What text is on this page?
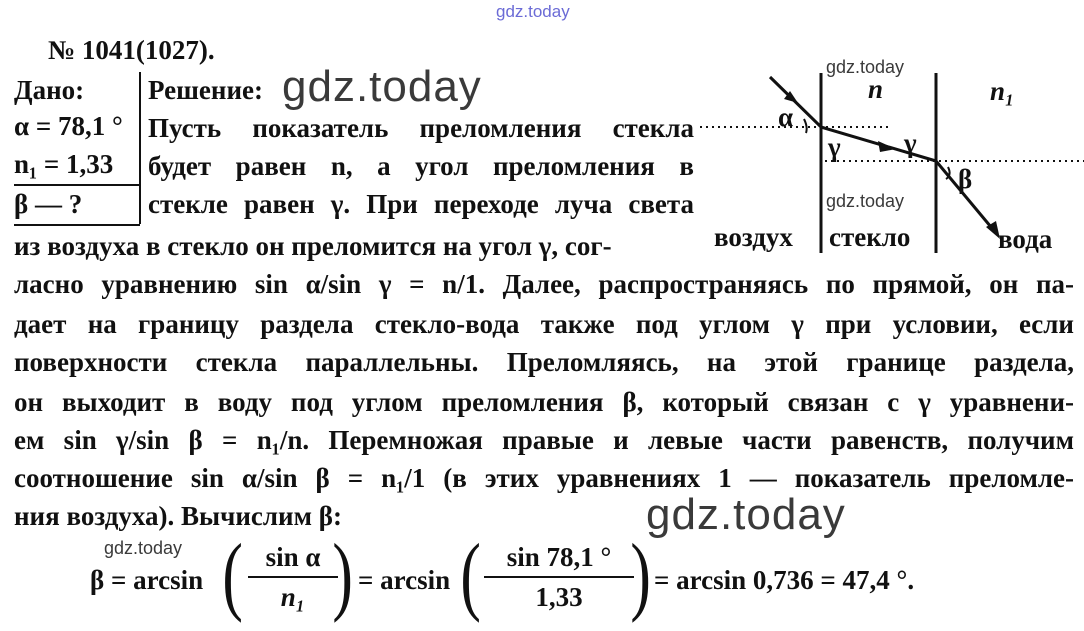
gdz.today
№ 1041(1027).
Дано:
α = 78,1 °
n₁ = 1,33
β — ?
Решение:
Пусть показатель преломления стекла
будет равен n, а угол преломления в
стекле равен γ. При переходе луча света
gdz.today	n	n₁
α
γ γ
β
воздух стекло	вода
gdz.today
gdz.today
из воздуха в стекло он преломится на угол γ, сог-
ласно уравнению sin α/sin γ = n/1. Далее, распространяясь по прямой, он па-
дает на границу раздела стекло-вода также под углом γ при условии, если
поверхности стекла параллельны. Преломляясь, на этой границе раздела,
он выходит в воду под углом преломления β, который связан с γ уравнени-
ем sin γ/sin β = n₁/n. Перемножая правые и левые части равенств, получим
соотношение sin α/sin β = n₁/1 (в этих уравнениях 1 — показатель преломле-
ния воздуха). Вычислим β:	gdz.today
gdz.today
β = arcsin ( sin α
n₁ ) = arcsin ( sin 78,1 °
1,33 ) = arcsin 0,736 = 47,4 °.
